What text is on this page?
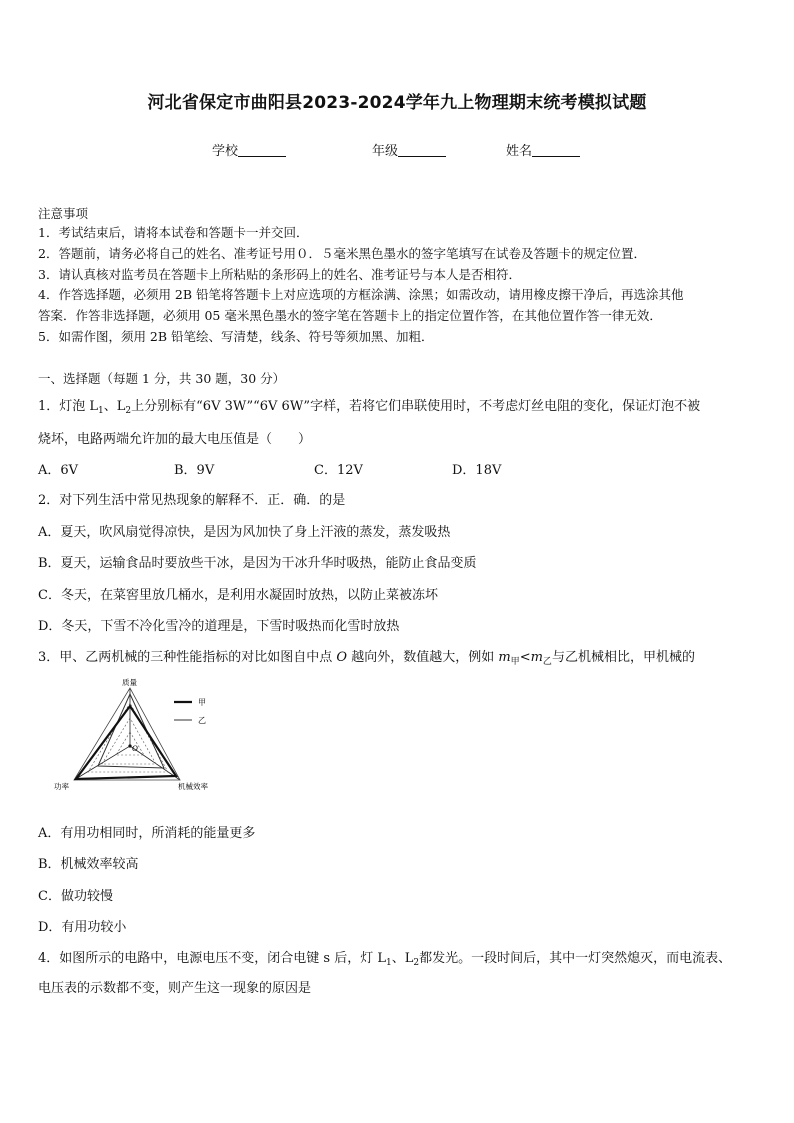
河北省保定市曲阳县2023-2024学年九上物理期末统考模拟试题
学校	年级	姓名
注意事项
1．考试结束后，请将本试卷和答题卡一并交回．
2．答题前，请务必将自己的姓名、准考证号用０．５毫米黑色墨水的签字笔填写在试卷及答题卡的规定位置．
3．请认真核对监考员在答题卡上所粘贴的条形码上的姓名、准考证号与本人是否相符．
4．作答选择题，必须用 2B 铅笔将答题卡上对应选项的方框涂满、涂黑；如需改动，请用橡皮擦干净后，再选涂其他
答案．作答非选择题，必须用 05 毫米黑色墨水的签字笔在答题卡上的指定位置作答，在其他位置作答一律无效．
5．如需作图，须用 2B 铅笔绘、写清楚，线条、符号等须加黑、加粗．
一、选择题（每题 1 分，共 30 题，30 分）
1．灯泡 $L_1$、$L_2$上分别标有“6V 3W”“6V 6W”字样，若将它们串联使用时，不考虑灯丝电阻的变化，保证灯泡不被
烧坏，电路两端允许加的最大电压值是（　　）
A．6V	B．9V	C．12V	D．18V
2．对下列生活中常见热现象的解释不．正．确．的是
A．夏天，吹风扇觉得凉快，是因为风加快了身上汗液的蒸发，蒸发吸热
B．夏天，运输食品时要放些干冰，是因为干冰升华时吸热，能防止食品变质
C．冬天，在菜窖里放几桶水，是利用水凝固时放热，以防止菜被冻坏
D．冬天，下雪不冷化雪冷的道理是，下雪时吸热而化雪时放热
3．甲、乙两机械的三种性能指标的对比如图自中点 O 越向外，数值越大，例如 $m_甲<m_乙$与乙机械相比，甲机械的
O
质量
功率	机械效率
甲
乙
A．有用功相同时，所消耗的能量更多
B．机械效率较高
C．做功较慢
D．有用功较小
4．如图所示的电路中，电源电压不变，闭合电键 s 后，灯 $L_1$、$L_2$都发光。一段时间后，其中一灯突然熄灭，而电流表、
电压表的示数都不变，则产生这一现象的原因是
